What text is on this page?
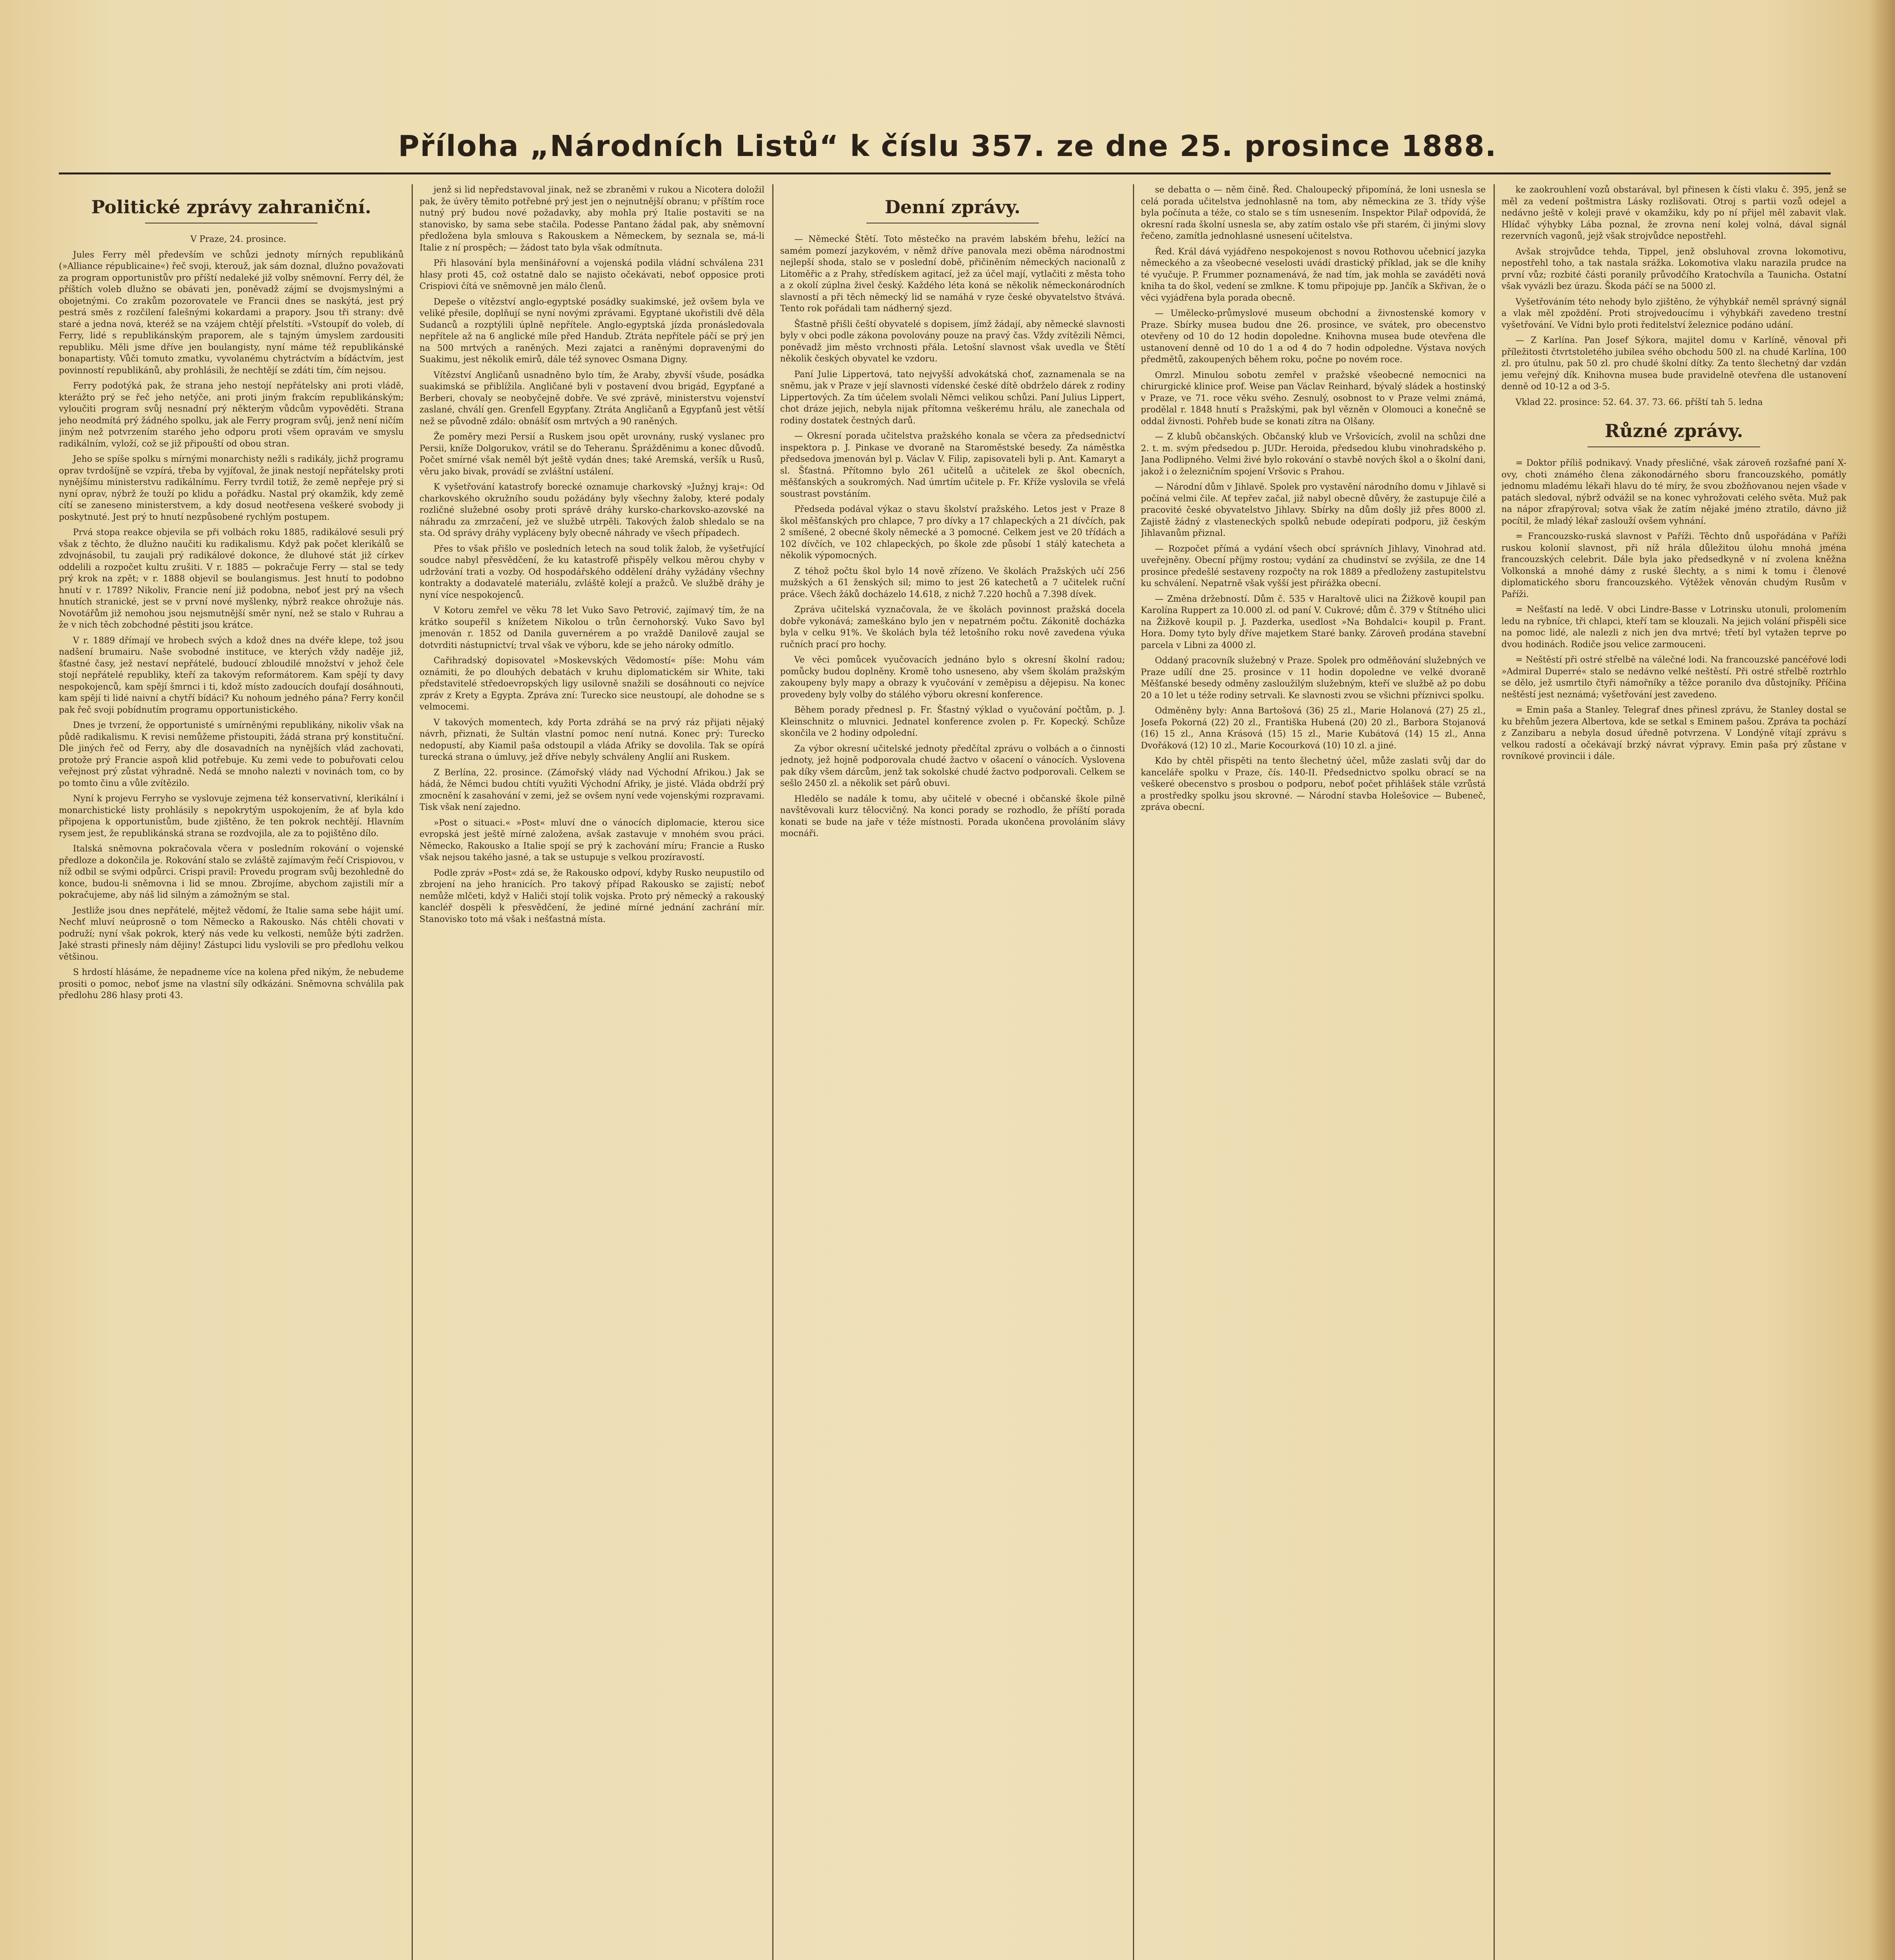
Příloha „Národních Listů“ k číslu 357. ze dne 25. prosince 1888.
Politické zprávy zahraniční.

V Praze, 24. prosince.

Jules Ferry měl především ve schůzi jednoty mírných republikánů (»Alliance républicaine«) řeč svoji, kterouž, jak sám doznal, dlužno považovati za program opportunistův pro příští nedaleké již volby sněmovní. Ferry dél, že příštích voleb dlužno se obávati jen, poněvadž zájmí se dvojsmyslnými a obojetnými. Co zrakům pozorovatele ve Francii dnes se naskýtá, jest prý pestrá směs z rozčilení falešnými kokardami a prapory. Jsou tři strany: dvě staré a jedna nová, kteréž se na vzájem chtějí přelstíti. »Vstoupíť do voleb, dí Ferry, lidé s republikánským praporem, ale s tajným úmyslem zardousiti republiku. Měli jsme dříve jen boulangisty, nyní máme též republikánské bonapartisty. Vůči tomuto zmatku, vyvolanému chytráctvím a bídáctvím, jest povinností republikánů, aby prohlásili, že nechtějí se zdáti tím, čím nejsou.

Ferry podotýká pak, že strana jeho nestojí nepřátelsky ani proti vládě, kterážto prý se řeč jeho netýče, ani proti jiným frakcím republikánským; vyloučiti program svůj nesnadní prý některým vůdcům vypověděti. Strana jeho neodmítá prý žádného spolku, jak ale Ferry program svůj, jenž není ničím jiným než potvrzením starého jeho odporu proti všem opravám ve smyslu radikálním, vyloží, což se již připouští od obou stran.

Jeho se spíše spolku s mírnými monarchisty nežli s radikály, jichž programu oprav tvrdošíjně se vzpírá, třeba by vyjíťoval, že jinak nestojí nepřátelsky proti nynějšímu ministerstvu radikálnímu. Ferry tvrdil totiž, že země nepřeje prý si nyní oprav, nýbrž že touží po klidu a pořádku. Nastal prý okamžik, kdy země cítí se zaneseno ministerstvem, a kdy dosud neotřesena veškeré svobody ji poskytnuté. Jest prý to hnutí nezpůsobené rychlým postupem.

Prvá stopa reakce objevila se při volbách roku 1885, radikálové sesuli prý však z těchto, že dlužno naučiti ku radikalismu. Když pak počet klerikálů se zdvojnásobil, tu zaujali prý radikálové dokonce, že dluhové stát již církev oddelili a rozpočet kultu zrušiti. V r. 1885 — pokračuje Ferry — stal se tedy prý krok na zpět; v r. 1888 objevil se boulangismus. Jest hnutí to podobno hnutí v r. 1789? Nikoliv, Francie není již podobna, neboť jest prý na všech hnutích stranické, jest se v první nové myšlenky, nýbrž reakce ohrožuje nás. Novotářům již nemohou jsou nejsmutnější směr nyní, než se stalo v Ruhrau a že v nich těch zobchodné pěstiti jsou krátce.

V r. 1889 dřímají ve hrobech svých a kdož dnes na dvéře klepe, tož jsou nadšení brumairu. Naše svobodné instituce, ve kterých vždy naděje již, šťastné časy, jež nestaví nepřátelé, budoucí zbloudilé množství v jehož čele stojí nepřátelé republiky, kteří za takovým reformátorem. Kam spějí ty davy nespokojenců, kam spějí šmrnci i ti, kdož místo zadoucích doufají dosáhnouti, kam spějí ti lidé naivní a chytří bídáci? Ku nohoum jedného pána? Ferry končil pak řeč svoji pobídnutím programu opportunistického.

Dnes je tvrzení, že opportunisté s umírněnými republikány, nikoliv však na půdě radikalismu. K revisi nemůžeme přistoupiti, žádá strana prý konstituční. Dle jiných řeč od Ferry, aby dle dosavadních na nynějších vlád zachovati, protože prý Francie aspoň klid potřebuje. Ku zemi vede to pobuřovati celou veřejnost prý zůstat výhradně. Nedá se mnoho nalezti v novinách tom, co by po tomto činu a vůle zvítězilo.

Nyní k projevu Ferryho se vyslovuje zejmena též konservativní, klerikální i monarchistické listy prohlásily s nepokrytým uspokojením, že ať byla kdo připojena k opportunistům, bude zjištěno, že ten pokrok nechtějí. Hlavním rysem jest, že republikánská strana se rozdvojila, ale za to pojištěno dílo.

Italská sněmovna pokračovala včera v posledním rokování o vojenské předloze a dokončila je. Rokování stalo se zvláště zajímavým řečí Crispiovou, v níž odbil se svými odpůrci. Crispi pravil: Provedu program svůj bezohledně do konce, budou-li sněmovna i lid se mnou. Zbrojíme, abychom zajistili mír a pokračujeme, aby náš lid silným a zámožným se stal.

Jestliže jsou dnes nepřátelé, mějtež vědomí, že Italie sama sebe hájit umí. Nechť mluví neúprosně o tom Německo a Rakousko. Nás chtěli chovati v podruží; nyní však pokrok, který nás vede ku velkosti, nemůže býti zadržen. Jaké strasti přinesly nám dějiny! Zástupci lidu vyslovili se pro předlohu velkou většinou.

S hrdostí hlásáme, že nepadneme více na kolena před nikým, že nebudeme prositi o pomoc, neboť jsme na vlastní síly odkázáni. Sněmovna schválila pak předlohu 286 hlasy proti 43.

jenž si lid nepředstavoval jinak, než se zbraněmi v rukou a Nicotera doložil pak, že úvěry těmito potřebné prý jest jen o nejnutnější obranu; v příštím roce nutný prý budou nové požadavky, aby mohla prý Italie postaviti se na stanovisko, by sama sebe stačila. Podesse Pantano žádal pak, aby sněmovní předložena byla smlouva s Rakouskem a Německem, by seznala se, má-li Italie z ní prospěch; — žádost tato byla však odmítnuta.

Při hlasování byla menšinářovní a vojenská podila vládní schválena 231 hlasy proti 45, což ostatně dalo se najisto očekávati, neboť opposice proti Crispiovi čítá ve sněmovně jen málo členů.

Depeše o vítězství anglo-egyptské posádky suakimské, jež ovšem byla ve veliké přesile, doplňují se nyní novými zprávami. Egyptané ukořistili dvě děla Sudanců a rozptýlili úplně nepřítele. Anglo-egyptská jízda pronásledovala nepřítele až na 6 anglické míle před Handub. Ztráta nepřítele páčí se prý jen na 500 mrtvých a raněných. Mezi zajatci a raněnými dopravenými do Suakimu, jest několik emirů, dále též synovec Osmana Digny.

Vítězství Angličanů usnadněno bylo tím, že Araby, zbyvší všude, posádka suakimská se přiblížila. Angličané byli v postavení dvou brigád, Egypťané a Berberi, chovaly se neobyčejně dobře. Ve své zprávě, ministerstvu vojenství zaslané, chválí gen. Grenfell Egypťany. Ztráta Angličanů a Egypťanů jest větší než se původně zdálo: obnášíť osm mrtvých a 90 raněných.

Že poměry mezi Persií a Ruskem jsou opět urovnány, ruský vyslanec pro Persii, kníže Dolgorukov, vrátil se do Teheranu. Šprážděnimu a konec důvodů. Počet smírné však neměl být ještě vydán dnes; také Aremská, veršík u Rusů, věru jako bivak, provádí se zvláštní ustálení.

K vyšetřování katastrofy borecké oznamuje charkovský »Južnyj kraj«: Od charkovského okružního soudu požádány byly všechny žaloby, které podaly rozličné služebné osoby proti správě dráhy kursko-charkovsko-azovské na náhradu za zmrzačení, jež ve službě utrpěli. Takových žalob shledalo se na sta. Od správy dráhy vypláceny byly obecně náhrady ve všech případech.

Přes to však přišlo ve posledních letech na soud tolik žalob, že vyšetřující soudce nabyl přesvědčení, že ku katastrofě přispěly velkou měrou chyby v udržování trati a vozby. Od hospodářského oddělení dráhy vyžádány všechny kontrakty a dodavatelé materiálu, zvláště kolejí a pražců. Ve službě dráhy je nyní více nespokojenců.

V Kotoru zemřel ve věku 78 let Vuko Savo Petrović, zajímavý tím, že na krátko soupeřil s knížetem Nikolou o trůn černohorský. Vuko Savo byl jmenován r. 1852 od Danila guvernérem a po vraždě Danilově zaujal se dotvrditi nástupnictví; trval však ve výboru, kde se jeho nároky odmítlo.

Cařihradský dopisovatel »Moskevských Vědomostí« píše: Mohu vám oznámiti, že po dlouhých debatách v kruhu diplomatickém sir White, taki představitelé středoevropských ligy usilovně snažili se dosáhnouti co nejvíce zpráv z Krety a Egypta. Zpráva zní: Turecko sice neustoupí, ale dohodne se s velmocemi.

V takových momentech, kdy Porta zdráhá se na prvý ráz přijati nějaký návrh, přiznati, že Sultán vlastní pomoc není nutná. Konec prý: Turecko nedopustí, aby Kiamil paša odstoupil a vláda Afriky se dovolila. Tak se opírá turecká strana o úmluvy, jež dříve nebyly schváleny Anglií ani Ruskem.

Z Berlína, 22. prosince. (Zámořský vlády nad Východní Afrikou.) Jak se hádá, že Němci budou chtíti využiti Východní Afriky, je jisté. Vláda obdrží prý zmocnění k zasahování v zemi, jež se ovšem nyní vede vojenskými rozpravami. Tisk však není zajedno.

»Post o situaci.« »Post« mluví dne o vánocích diplomacie, kterou sice evropská jest ještě mírné založena, avšak zastavuje v mnohém svou práci. Německo, Rakousko a Italie spojí se prý k zachování míru; Francie a Rusko však nejsou takého jasné, a tak se ustupuje s velkou prozíravostí.

Podle zpráv »Post« zdá se, že Rakousko odpoví, kdyby Rusko neupustilo od zbrojení na jeho hranicích. Pro takový případ Rakousko se zajistí; neboť nemůže mlčeti, když v Haliči stojí tolik vojska. Proto prý německý a rakouský kancléř dospěli k přesvědčení, že jediné mírné jednání zachrání mír. Stanovisko toto má však i nešťastná místa.

Denní zprávy.

— Německé Štětí. Toto městečko na pravém labském břehu, ležící na samém pomezí jazykovém, v němž dříve panovala mezi oběma národnostmi nejlepší shoda, stalo se v poslední době, přičiněním německých nacionalů z Litoměřic a z Prahy, středískem agitací, jež za účel mají, vytlačiti z města toho a z okolí zúplna živel český. Každého léta koná se několik německonárodních slavností a při těch německý lid se namáhá v ryze české obyvatelstvo štvává. Tento rok pořádali tam nádherný sjezd.

Šťastně přišli čeští obyvatelé s dopisem, jímž žádají, aby německé slavnosti byly v obci podle zákona povolovány pouze na pravý čas. Vždy zvítězili Němci, poněvadž jim město vrchnosti přála. Letošní slavnost však uvedla ve Štětí několik českých obyvatel ke vzdoru.

Paní Julie Lippertová, tato nejvyšší advokátská choť, zaznamenala se na sněmu, jak v Praze v její slavnosti vídenské české dítě obdrželo dárek z rodiny Lippertových. Za tím účelem svolali Němci velikou schůzi. Paní Julius Lippert, chot dráze jejich, nebyla nijak přítomna veškerému hrálu, ale zanechala od rodiny dostatek čestných darů.

— Okresní porada učitelstva pražského konala se včera za předsednictví inspektora p. J. Pinkase ve dvoraně na Staroměstské besedy. Za náměstka předsedova jmenován byl p. Václav V. Filip, zapisovateli byli p. Ant. Kamaryt a sl. Šťastná. Přítomno bylo 261 učitelů a učitelek ze škol obecních, měšťanských a soukromých. Nad úmrtím učitele p. Fr. Kříže vyslovila se vřelá soustrast povstáním.

Předseda podával výkaz o stavu školství pražského. Letos jest v Praze 8 škol měšťanských pro chlapce, 7 pro dívky a 17 chlapeckých a 21 dívčích, pak 2 smíšené, 2 obecné školy německé a 3 pomocné. Celkem jest ve 20 třídách a 102 dívčích, ve 102 chlapeckých, po škole zde působí 1 stálý katecheta a několik výpomocných.

Z téhož počtu škol bylo 14 nově zřízeno. Ve školách Pražských učí 256 mužských a 61 ženských sil; mimo to jest 26 katechetů a 7 učitelek ruční práce. Všech žáků docházelo 14.618, z nichž 7.220 hochů a 7.398 dívek.

Zpráva učitelská vyznačovala, že ve školách povinnost pražská docela dobře vykonává; zameškáno bylo jen v nepatrném počtu. Zákonitě docházka byla v celku 91%. Ve školách byla též letošního roku nově zavedena výuka ručních prací pro hochy.

Ve věci pomůcek vyučovacích jednáno bylo s okresní školní radou; pomůcky budou doplněny. Kromě toho usneseno, aby všem školám pražským zakoupeny byly mapy a obrazy k vyučování v zeměpisu a dějepisu. Na konec provedeny byly volby do stálého výboru okresní konference.

Během porady přednesl p. Fr. Šťastný výklad o vyučování počtům, p. J. Kleinschnitz o mluvnici. Jednatel konference zvolen p. Fr. Kopecký. Schůze skončila ve 2 hodiny odpolední.

Za výbor okresní učitelské jednoty předčítal zprávu o volbách a o činnosti jednoty, jež hojně podporovala chudé žactvo v ošacení o vánocích. Vyslovena pak díky všem dárcům, jenž tak sokolské chudé žactvo podporovali. Celkem se sešlo 2450 zl. a několik set párů obuvi.

Hledělo se nadále k tomu, aby učitelé v obecné i občanské škole pilně navštěvovali kurz tělocvičný. Na konci porady se rozhodlo, že příští porada konati se bude na jaře v téže místnosti. Porada ukončena provoláním slávy mocnáři.

se debatta o — něm čině. Řed. Chaloupecký připomíná, že loni usnesla se celá porada učitelstva jednohlasně na tom, aby německina ze 3. třídy výše byla počínuta a téže, co stalo se s tím usnesením. Inspektor Pilař odpovídá, že okresní rada školní usnesla se, aby zatím ostalo vše při starém, či jinými slovy řečeno, zamítla jednohlasné usnesení učitelstva.

Řed. Král dává vyjádřeno nespokojenost s novou Rothovou učebnicí jazyka německého a za všeobecné veselosti uvádí drastický příklad, jak se dle knihy té vyučuje. P. Frummer poznamenává, že nad tím, jak mohla se zaváděti nová kniha ta do škol, vedení se zmlkne. K tomu připojuje pp. Jančík a Skřivan, že o věci vyjádřena byla porada obecně.

— Umělecko-průmyslové museum obchodní a živnostenské komory v Praze. Sbírky musea budou dne 26. prosince, ve svátek, pro obecenstvo otevřeny od 10 do 12 hodin dopoledne. Knihovna musea bude otevřena dle ustanovení denně od 10 do 1 a od 4 do 7 hodin odpoledne. Výstava nových předmětů, zakoupených během roku, počne po novém roce.

Omrzl. Minulou sobotu zemřel v pražské všeobecné nemocnici na chirurgické klinice prof. Weise pan Václav Reinhard, bývalý sládek a hostinský v Praze, ve 71. roce věku svého. Zesnulý, osobnost to v Praze velmi známá, prodělal r. 1848 hnutí s Pražskými, pak byl vězněn v Olomouci a konečně se oddal živnosti. Pohřeb bude se konati zítra na Olšany.

— Z klubů občanských. Občanský klub ve Vršovicích, zvolil na schůzi dne 2. t. m. svým předsedou p. JUDr. Heroida, předsedou klubu vinohradského p. Jana Podlipného. Velmi živé bylo rokování o stavbě nových škol a o školní dani, jakož i o železničním spojení Vršovic s Prahou.

— Národní dům v Jihlavě. Spolek pro vystavění národního domu v Jihlavě si počíná velmi čile. Ať tepřev začal, již nabyl obecně důvěry, že zastupuje čilé a pracovité české obyvatelstvo Jihlavy. Sbírky na dům došly již přes 8000 zl. Zajistě žádný z vlasteneckých spolků nebude odepírati podporu, již českým Jihlavanům přiznal.

— Rozpočet přímá a vydání všech obcí správních Jihlavy, Vinohrad atd. uveřejněny. Obecní příjmy rostou; vydání za chudinství se zvýšila, ze dne 14 prosince předešlé sestaveny rozpočty na rok 1889 a předloženy zastupitelstvu ku schválení. Nepatrně však vyšší jest přirážka obecní.

— Změna držebností. Dům č. 535 v Haraltově ulici na Žižkově koupil pan Karolína Ruppert za 10.000 zl. od paní V. Cukrové; dům č. 379 v Štítného ulici na Žižkově koupil p. J. Pazderka, usedlost »Na Bohdalci« koupil p. Frant. Hora. Domy tyto byly dříve majetkem Staré banky. Zároveň prodána stavební parcela v Libni za 4000 zl.

Oddaný pracovník služebný v Praze. Spolek pro odměňování služebných ve Praze udílí dne 25. prosince v 11 hodin dopoledne ve velké dvoraně Měšťanské besedy odměny zasloužilým služebným, kteří ve službě až po dobu 20 a 10 let u téže rodiny setrvali. Ke slavnosti zvou se všichni příznivci spolku.

Odměněny byly: Anna Bartošová (36) 25 zl., Marie Holanová (27) 25 zl., Josefa Pokorná (22) 20 zl., Františka Hubená (20) 20 zl., Barbora Stojanová (16) 15 zl., Anna Krásová (15) 15 zl., Marie Kubátová (14) 15 zl., Anna Dvořáková (12) 10 zl., Marie Kocourková (10) 10 zl. a jiné.

Kdo by chtěl přispěti na tento šlechetný účel, může zaslati svůj dar do kanceláře spolku v Praze, čís. 140-II. Předsednictvo spolku obrací se na veškeré obecenstvo s prosbou o podporu, neboť počet přihlášek stále vzrůstá a prostředky spolku jsou skrovné. — Národní stavba Holešovice — Bubeneč, zpráva obecní.

ke zaokrouhlení vozů obstarával, byl přinesen k čísti vlaku č. 395, jenž se měl za vedení poštmistra Lásky rozlišovati. Otroj s partii vozů odejel a nedávno ještě v koleji pravé v okamžiku, kdy po ní přijel měl zabavit vlak. Hlídač výhybky Lába poznal, že zrovna není kolej volná, dával signál rezervních vagonů, jejž však strojvůdce nepostřehl.

Avšak strojvůdce tehda, Tippel, jenž obsluhoval zrovna lokomotivu, nepostřehl toho, a tak nastala srážka. Lokomotiva vlaku narazila prudce na první vůz; rozbité části poranily průvodčího Kratochvíla a Taunicha. Ostatní však vyvázli bez úrazu. Škoda páčí se na 5000 zl.

Vyšetřováním této nehody bylo zjištěno, že výhybkář neměl správný signál a vlak měl zpoždění. Proti strojvedoucímu i výhybkáři zavedeno trestní vyšetřování. Ve Vídni bylo proti ředitelství železnice podáno udání.

— Z Karlína. Pan Josef Sýkora, majitel domu v Karlíně, věnoval při příležitosti čtvrtstoletého jubilea svého obchodu 500 zl. na chudé Karlína, 100 zl. pro útulnu, pak 50 zl. pro chudé školní dítky. Za tento šlechetný dar vzdán jemu veřejný dík. Knihovna musea bude pravidelně otevřena dle ustanovení denně od 10-12 a od 3-5.

Vklad 22. prosince: 52. 64. 37. 73. 66. příští tah 5. ledna

Různé zprávy.

= Doktor příliš podnikavý. Vnady přesličné, však zároveň rozšafné paní X-ovy, choti známého člena zákonodárného sboru francouzského, pomátly jednomu mladému lékaři hlavu do té míry, že svou zbožňovanou nejen všade v patách sledoval, nýbrž odvážil se na konec vyhrožovati celého světa. Muž pak na nápor zfrapýroval; sotva však že zatím nějaké jméno ztratilo, dávno již pocítil, že mladý lékař zaslouží ovšem vyhnání.

= Francouzsko-ruská slavnost v Paříži. Těchto dnů uspořádána v Paříži ruskou kolonií slavnost, při níž hrála důležitou úlohu mnohá jména francouzských celebrit. Dále byla jako předsedkyně v ní zvolena kněžna Volkonská a mnohé dámy z ruské šlechty, a s nimi k tomu i členové diplomatického sboru francouzského. Výtěžek věnován chudým Rusům v Paříži.

= Nešťastí na ledě. V obci Lindre-Basse v Lotrinsku utonuli, prolomením ledu na rybníce, tři chlapci, kteří tam se klouzali. Na jejich volání přispěli sice na pomoc lidé, ale nalezli z nich jen dva mrtvé; třetí byl vytažen teprve po dvou hodinách. Rodiče jsou velice zarmouceni.

= Neštěstí při ostré střelbě na válečné lodi. Na francouzské pancéřové lodi »Admiral Duperré« stalo se nedávno velké neštěstí. Při ostré střelbě roztrhlo se dělo, jež usmrtilo čtyři námořníky a těžce poranilo dva důstojníky. Příčina neštěstí jest neznámá; vyšetřování jest zavedeno.

= Emin paša a Stanley. Telegraf dnes přinesl zprávu, že Stanley dostal se ku břehům jezera Albertova, kde se setkal s Eminem pašou. Zpráva ta pochází z Zanzibaru a nebyla dosud úředně potvrzena. V Londýně vítají zprávu s velkou radostí a očekávají brzký návrat výpravy. Emin paša prý zůstane v rovníkové provincii i dále.
